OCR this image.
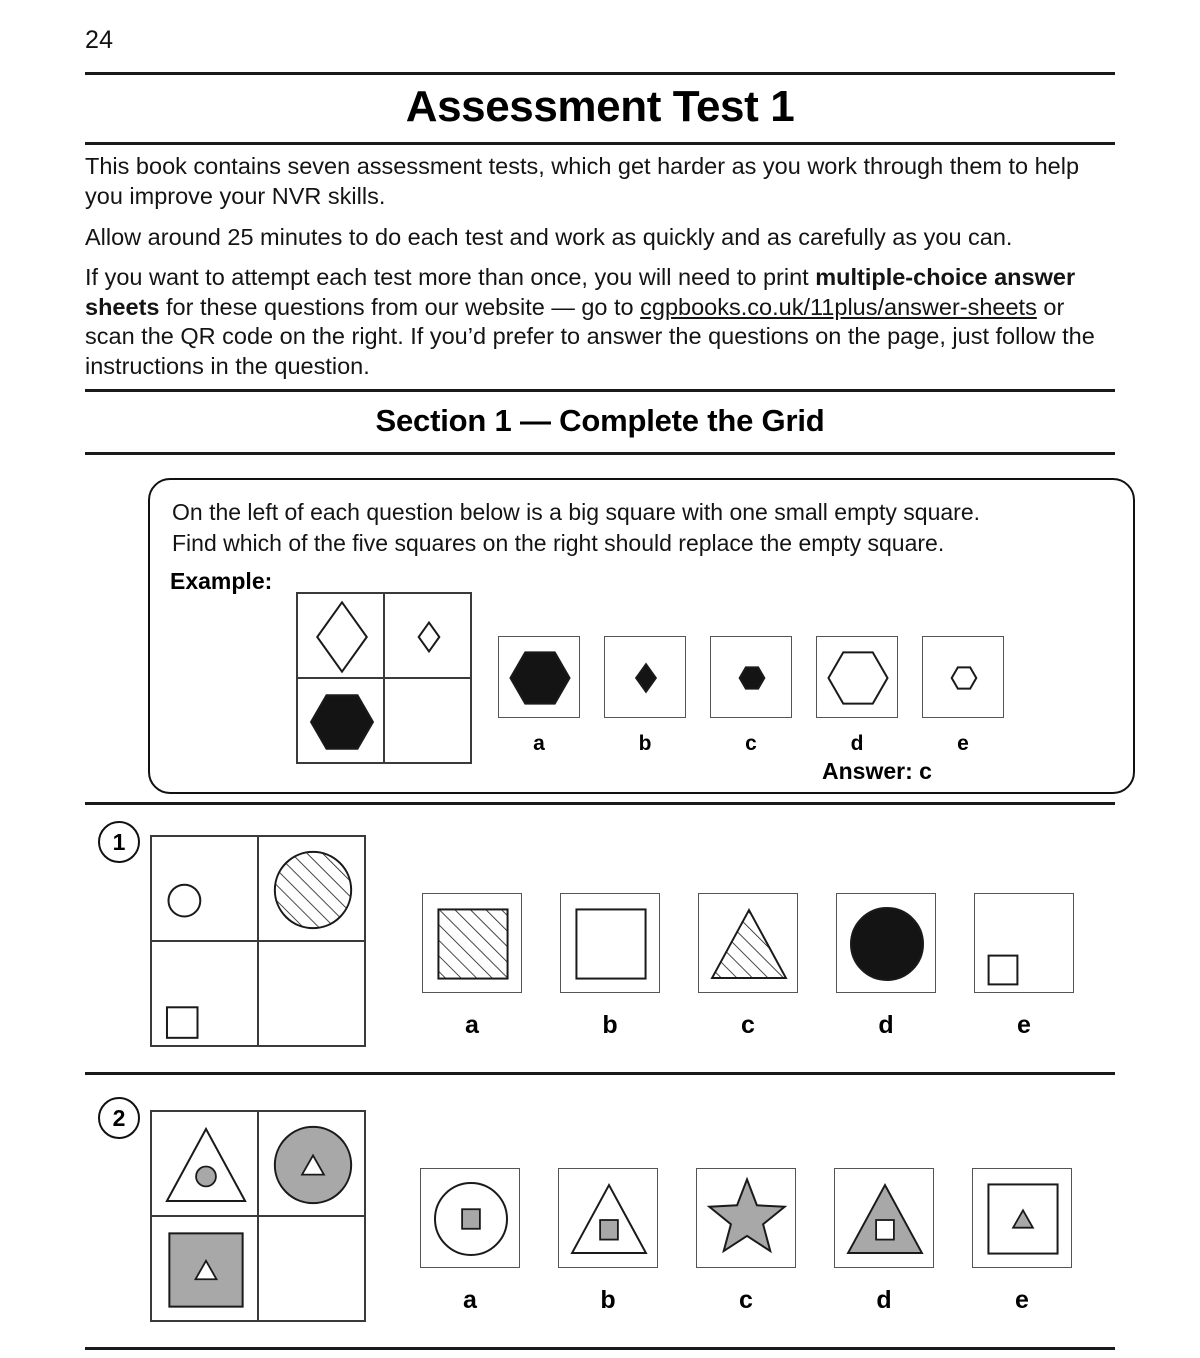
24
Assessment Test 1
This book contains seven assessment tests, which get harder as you work through them to help you improve your NVR skills.
Allow around 25 minutes to do each test and work as quickly and as carefully as you can.
If you want to attempt each test more than once, you will need to print multiple-choice answer sheets for these questions from our website — go to cgpbooks.co.uk/11plus/answer-sheets or scan the QR code on the right. If you’d prefer to answer the questions on the page, just follow the instructions in the question.
Section 1 — Complete the Grid
On the left of each question below is a big square with one small empty square.
Find which of the five squares on the right should replace the empty square.
Example:
Answer: c
a	b	c	d	e
1
a	b	c	d	e
2
a	b	c	d	e
